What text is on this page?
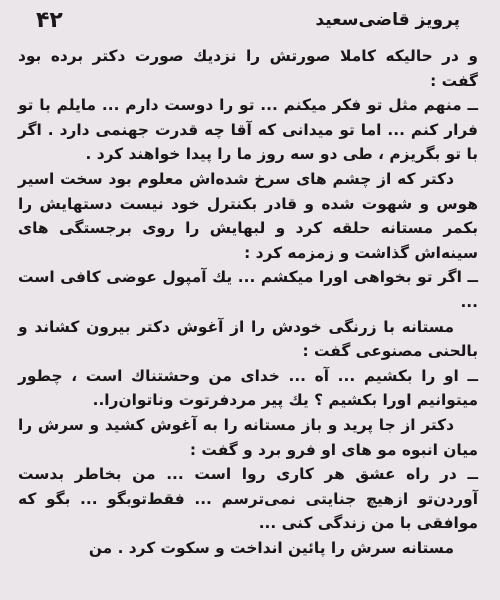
پرویز قاضی‌سعید
۴۲

و در حالیکه کاملا صورتش را نزدیك صورت دکتر برده بود گفت :

ــ منهم مثل تو فکر میکنم ... تو را دوست دارم ... مایلم با تو فرار کنم ... اما تو میدانی که آقا چه قدرت جهنمی دارد . اگر با تو بگریزم ، طی دو سه روز ما را پیدا خواهند کرد .

دکتر که از چشم های سرخ شده‌اش معلوم بود سخت اسیر هوس و شهوت شده و قادر بکنترل خود نیست دستهایش را بکمر مستانه حلقه کرد و لبهایش را روی برجستگی های سینه‌اش گذاشت و زمزمه کرد :

ــ اگر تو بخواهی اورا میکشم ... یك آمپول عوضی کافی است ...

مستانه با زرنگی خودش را از آغوش دکتر بیرون کشاند و بالحنی مصنوعی گفت :

ــ او را بکشیم ... آه ... خدای من وحشتناك است ، چطور میتوانیم اورا بکشیم ؟ یك پیر مردفرتوت وناتوان‌را..

دکتر از جا پرید و باز مستانه را به آغوش کشید و سرش را میان انبوه مو های او فرو برد و گفت :

ــ در راه عشق هر کاری روا است ... من بخاطر بدست آوردن‌تو ازهیچ جنایتی نمی‌ترسم ... فقط‌تو‌بگو ... بگو که موافقی با من زندگی کنی ...

مستانه سرش را پائین انداخت و سکوت کرد . من
